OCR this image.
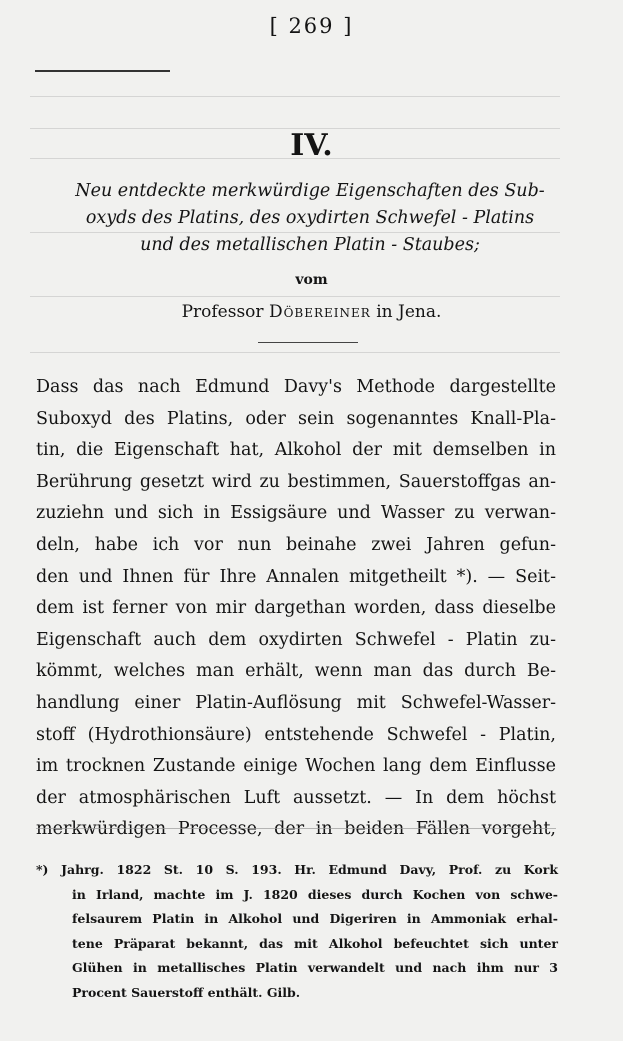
[ 269 ]
IV.
Neu entdeckte merkwürdige Eigenschaften des Sub-
oxyds des Platins, des oxydirten Schwefel - Platins
und des metallischen Platin - Staubes;
vom
Professor Döbereiner in Jena.
Dass das nach Edmund Davy's Methode dargestellte
Suboxyd des Platins, oder sein sogenanntes Knall-Pla-
tin, die Eigenschaft hat, Alkohol der mit demselben in
Berührung gesetzt wird zu bestimmen, Sauerstoffgas an-
zuziehn und sich in Essigsäure und Wasser zu verwan-
deln, habe ich vor nun beinahe zwei Jahren gefun-
den und Ihnen für Ihre Annalen mitgetheilt *). — Seit-
dem ist ferner von mir dargethan worden, dass dieselbe
Eigenschaft auch dem oxydirten Schwefel - Platin zu-
kömmt, welches man erhält, wenn man das durch Be-
handlung einer Platin-Auflösung mit Schwefel-Wasser-
stoff (Hydrothionsäure) entstehende Schwefel - Platin,
im trocknen Zustande einige Wochen lang dem Einflusse
der atmosphärischen Luft aussetzt. — In dem höchst
merkwürdigen Processe, der in beiden Fällen vorgeht,
*) Jahrg. 1822 St. 10 S. 193. Hr. Edmund Davy, Prof. zu Kork
in Irland, machte im J. 1820 dieses durch Kochen von schwe-
felsaurem Platin in Alkohol und Digeriren in Ammoniak erhal-
tene Präparat bekannt, das mit Alkohol befeuchtet sich unter
Glühen in metallisches Platin verwandelt und nach ihm nur 3
Procent Sauerstoff enthält. Gilb.
